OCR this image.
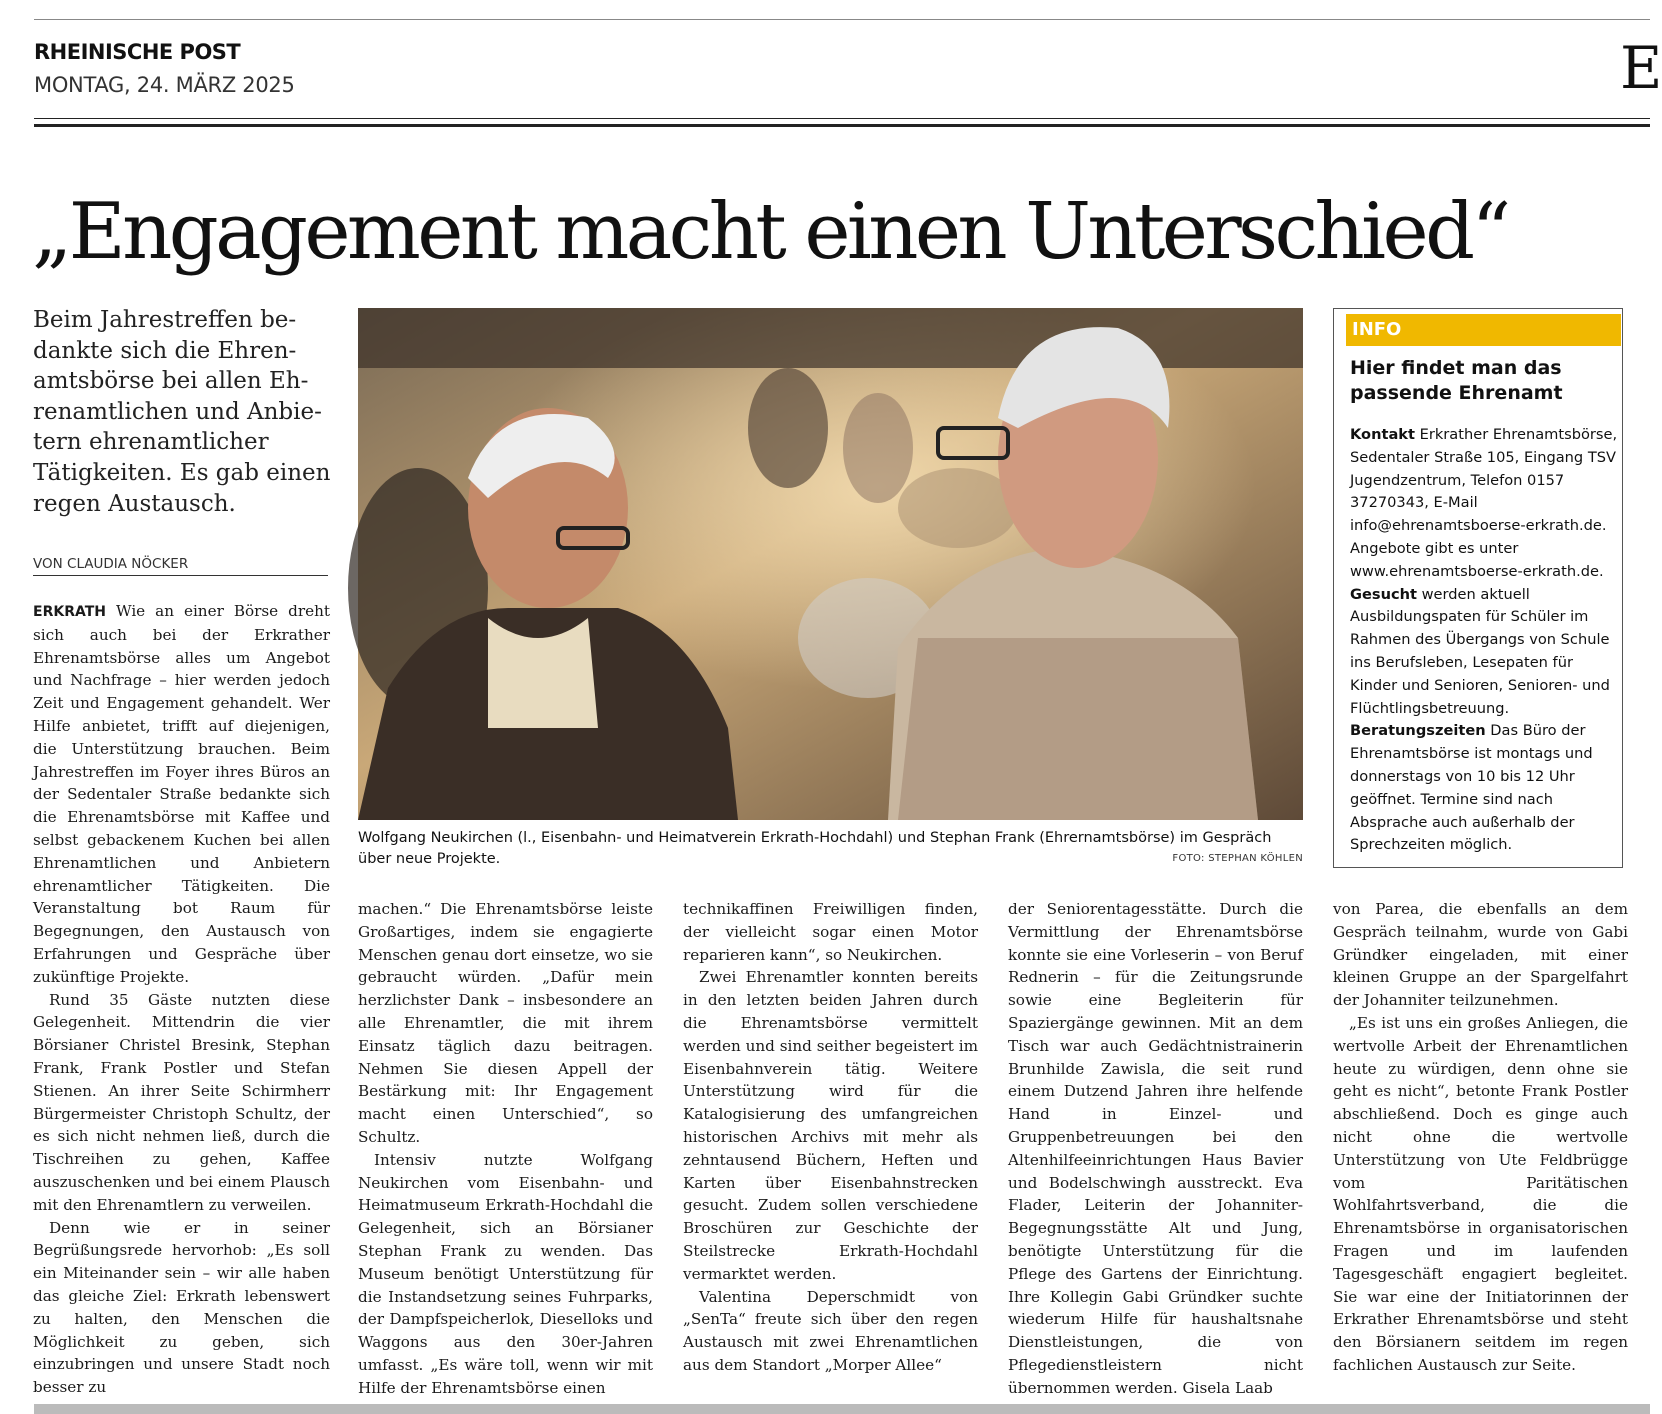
RHEINISCHE POST
MONTAG, 24. MÄRZ 2025	E
„Engagement macht einen Unterschied“
Beim Jahrestreffen be-
dankte sich die Ehren-
amtsbörse bei allen Eh-
renamtlichen und Anbie-
tern ehrenamtlicher
Tätigkeiten. Es gab einen
regen Austausch.
VON CLAUDIA NÖCKER

ERKRATH Wie an einer Börse dreht sich auch bei der Erkrather Ehrenamtsbörse alles um Angebot und Nachfrage – hier werden jedoch Zeit und Engagement gehandelt. Wer Hilfe anbietet, trifft auf diejenigen, die Unterstützung brauchen. Beim Jahrestreffen im Foyer ihres Büros an der Sedentaler Straße bedankte sich die Ehrenamtsbörse mit Kaffee und selbst gebackenem Kuchen bei allen Ehrenamtlichen und Anbietern ehrenamtlicher Tätigkeiten. Die Veranstaltung bot Raum für Begegnungen, den Austausch von Erfahrungen und Gespräche über zukünftige Projekte.

Rund 35 Gäste nutzten diese Gelegenheit. Mittendrin die vier Börsianer Christel Bresink, Stephan Frank, Frank Postler und Stefan Stienen. An ihrer Seite Schirmherr Bürgermeister Christoph Schultz, der es sich nicht nehmen ließ, durch die Tischreihen zu gehen, Kaffee auszuschenken und bei einem Plausch mit den Ehrenamtlern zu verweilen.

Denn wie er in seiner Begrüßungsrede hervorhob: „Es soll ein Miteinander sein – wir alle haben das gleiche Ziel: Erkrath lebenswert zu halten, den Menschen die Möglichkeit zu geben, sich einzubringen und unsere Stadt noch besser zu

Wolfgang Neukirchen (l., Eisenbahn- und Heimatverein Erkrath-Hochdahl) und Stephan Frank (Ehrernamtsbörse) im Gespräch über neue Projekte.	FOTO: STEPHAN KÖHLEN
INFO
Hier findet man das passende Ehrenamt
Kontakt Erkrather Ehrenamtsbörse, Sedentaler Straße 105, Eingang TSV Jugendzentrum, Telefon 0157 37270343, E-Mail info@ehrenamtsboerse-erkrath.de. Angebote gibt es unter www.ehrenamtsboerse-erkrath.de.
Gesucht werden aktuell Ausbildungspaten für Schüler im Rahmen des Übergangs von Schule ins Berufsleben, Lesepaten für Kinder und Senioren, Senioren- und Flüchtlingsbetreuung.
Beratungszeiten Das Büro der Ehrenamtsbörse ist montags und donnerstags von 10 bis 12 Uhr geöffnet. Termine sind nach Absprache auch außerhalb der Sprechzeiten möglich.

machen.“ Die Ehrenamtsbörse leiste Großartiges, indem sie engagierte Menschen genau dort einsetze, wo sie gebraucht würden. „Dafür mein herzlichster Dank – insbesondere an alle Ehrenamtler, die mit ihrem Einsatz täglich dazu beitragen. Nehmen Sie diesen Appell der Bestärkung mit: Ihr Engagement macht einen Unterschied“, so Schultz.

Intensiv nutzte Wolfgang Neukirchen vom Eisenbahn- und Heimatmuseum Erkrath-Hochdahl die Gelegenheit, sich an Börsianer Stephan Frank zu wenden. Das Museum benötigt Unterstützung für die Instandsetzung seines Fuhrparks, der Dampfspeicherlok, Dieselloks und Waggons aus den 30er-Jahren umfasst. „Es wäre toll, wenn wir mit Hilfe der Ehrenamtsbörse einen

technikaffinen Freiwilligen finden, der vielleicht sogar einen Motor reparieren kann“, so Neukirchen.

Zwei Ehrenamtler konnten bereits in den letzten beiden Jahren durch die Ehrenamtsbörse vermittelt werden und sind seither begeistert im Eisenbahnverein tätig. Weitere Unterstützung wird für die Katalogisierung des umfangreichen historischen Archivs mit mehr als zehntausend Büchern, Heften und Karten über Eisenbahnstrecken gesucht. Zudem sollen verschiedene Broschüren zur Geschichte der Steilstrecke Erkrath-Hochdahl vermarktet werden.

Valentina Deperschmidt von „SenTa“ freute sich über den regen Austausch mit zwei Ehrenamtlichen aus dem Standort „Morper Allee“

der Seniorentagesstätte. Durch die Vermittlung der Ehrenamtsbörse konnte sie eine Vorleserin – von Beruf Rednerin – für die Zeitungsrunde sowie eine Begleiterin für Spaziergänge gewinnen. Mit an dem Tisch war auch Gedächtnistrainerin Brunhilde Zawisla, die seit rund einem Dutzend Jahren ihre helfende Hand in Einzel- und Gruppenbetreuungen bei den Altenhilfeeinrichtungen Haus Bavier und Bodelschwingh ausstreckt. Eva Flader, Leiterin der Johanniter-Begegnungsstätte Alt und Jung, benötigte Unterstützung für die Pflege des Gartens der Einrichtung. Ihre Kollegin Gabi Gründker suchte wiederum Hilfe für haushaltsnahe Dienstleistungen, die von Pflegedienstleistern nicht übernommen werden. Gisela Laab

von Parea, die ebenfalls an dem Gespräch teilnahm, wurde von Gabi Gründker eingeladen, mit einer kleinen Gruppe an der Spargelfahrt der Johanniter teilzunehmen.

„Es ist uns ein großes Anliegen, die wertvolle Arbeit der Ehrenamtlichen heute zu würdigen, denn ohne sie geht es nicht“, betonte Frank Postler abschließend. Doch es ginge auch nicht ohne die wertvolle Unterstützung von Ute Feldbrügge vom Paritätischen Wohlfahrtsverband, die die Ehrenamtsbörse in organisatorischen Fragen und im laufenden Tagesgeschäft engagiert begleitet. Sie war eine der Initiatorinnen der Erkrather Ehrenamtsbörse und steht den Börsianern seitdem im regen fachlichen Austausch zur Seite.
